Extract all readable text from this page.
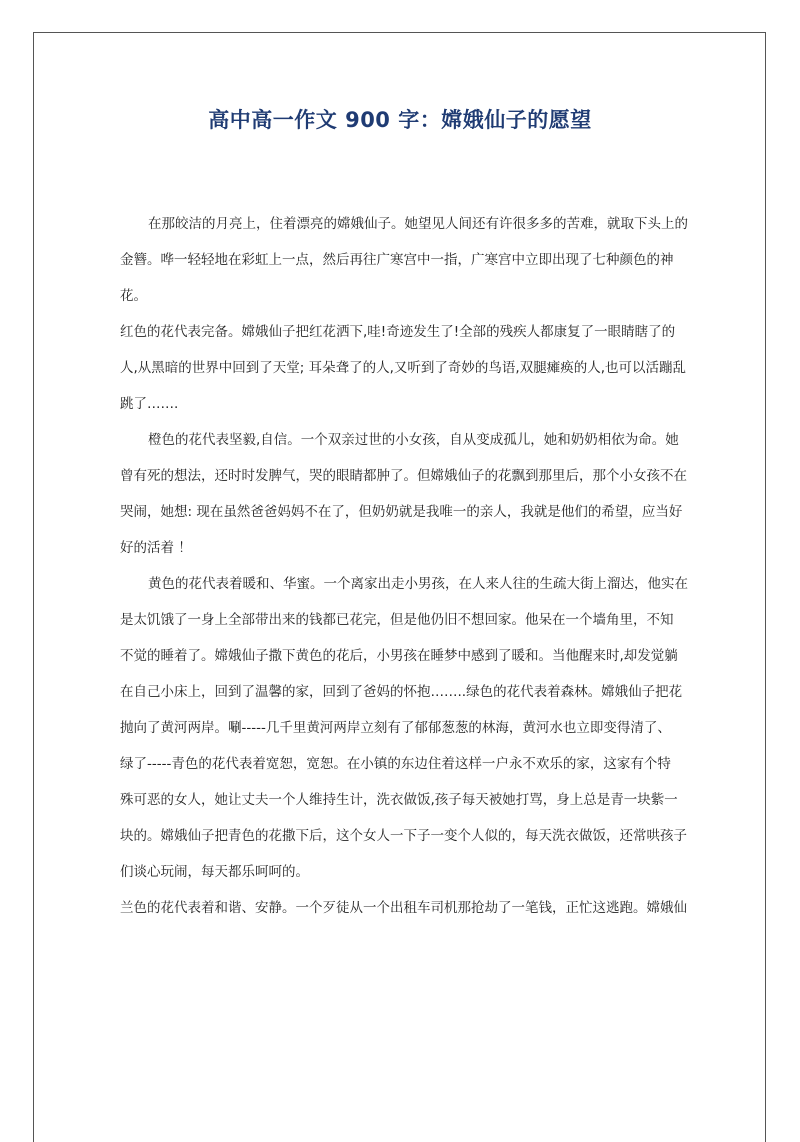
高中高一作文 900 字：嫦娥仙子的愿望
在那皎洁的月亮上，住着漂亮的嫦娥仙子。她望见人间还有许很多多的苦难，就取下头上的
金簪。哗一轻轻地在彩虹上一点，然后再往广寒宫中一指，广寒宫中立即出现了七种颜色的神
花。
红色的花代表完备。嫦娥仙子把红花洒下,哇!奇迹发生了!全部的残疾人都康复了一眼睛瞎了的
人,从黑暗的世界中回到了天堂; 耳朵聋了的人,又听到了奇妙的鸟语,双腿瘫痪的人,也可以活蹦乱
跳了…….
橙色的花代表坚毅,自信。一个双亲过世的小女孩，自从变成孤儿，她和奶奶相依为命。她
曾有死的想法，还时时发脾气，哭的眼睛都肿了。但嫦娥仙子的花飘到那里后，那个小女孩不在
哭闹，她想: 现在虽然爸爸妈妈不在了，但奶奶就是我唯一的亲人，我就是他们的希望，应当好
好的活着 ！
黄色的花代表着暖和、华蜜。一个离家出走小男孩，在人来人往的生疏大街上溜达，他实在
是太饥饿了一身上全部带出来的钱都已花完，但是他仍旧不想回家。他呆在一个墙角里，不知
不觉的睡着了。嫦娥仙子撒下黄色的花后，小男孩在睡梦中感到了暖和。当他醒来时,却发觉躺
在自己小床上，回到了温馨的家，回到了爸妈的怀抱……..绿色的花代表着森林。嫦娥仙子把花
抛向了黄河两岸。唰-----几千里黄河两岸立刻有了郁郁葱葱的林海，黄河水也立即变得清了、
绿了-----青色的花代表着宽恕，宽恕。在小镇的东边住着这样一户永不欢乐的家，这家有个特
殊可恶的女人，她让丈夫一个人维持生计，洗衣做饭,孩子每天被她打骂，身上总是青一块紫一
块的。嫦娥仙子把青色的花撒下后，这个女人一下子一变个人似的，每天洗衣做饭，还常哄孩子
们谈心玩闹，每天都乐呵呵的。
兰色的花代表着和谐、安静。一个歹徒从一个出租车司机那抢劫了一笔钱，正忙这逃跑。嫦娥仙
